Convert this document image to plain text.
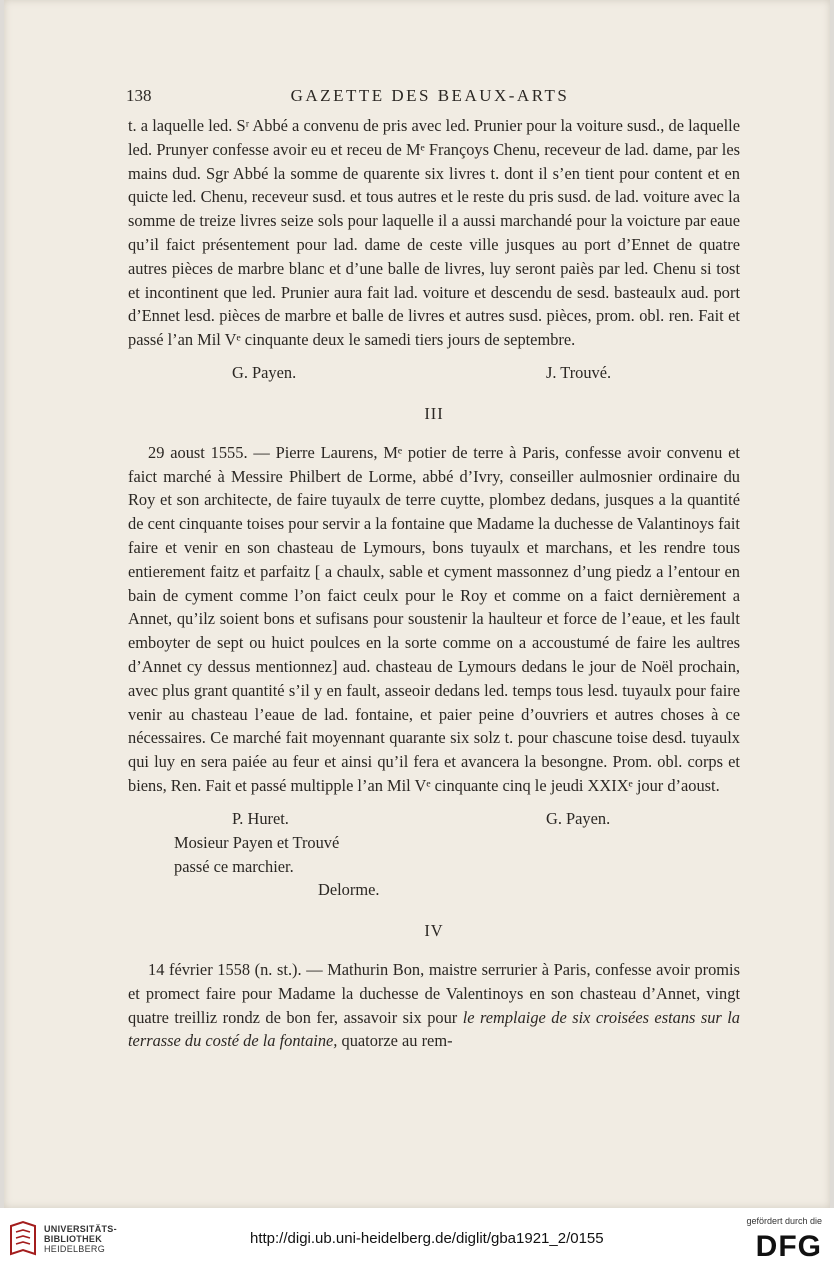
138	GAZETTE DES BEAUX-ARTS

t. a laquelle led. Sʳ Abbé a convenu de pris avec led. Prunier pour la voiture susd., de laquelle led. Prunyer confesse avoir eu et receu de Mᵉ Françoys Chenu, receveur de lad. dame, par les mains dud. Sgr Abbé la somme de quarente six livres t. dont il s’en tient pour content et en quicte led. Chenu, receveur susd. et tous autres et le reste du pris susd. de lad. voiture avec la somme de treize livres seize sols pour laquelle il a aussi marchandé pour la voicture par eaue qu’il faict présentement pour lad. dame de ceste ville jusques au port d’Ennet de quatre autres pièces de marbre blanc et d’une balle de livres, luy seront paiès par led. Chenu si tost et incontinent que led. Prunier aura fait lad. voiture et descendu de sesd. basteaulx aud. port d’Ennet lesd. pièces de marbre et balle de livres et autres susd. pièces, prom. obl. ren. Fait et passé l’an Mil Vᵉ cinquante deux le samedi tiers jours de septembre.

G. Payen.	J. Trouvé.
III

29 aoust 1555. — Pierre Laurens, Mᵉ potier de terre à Paris, confesse avoir convenu et faict marché à Messire Philbert de Lorme, abbé d’Ivry, conseiller aulmosnier ordinaire du Roy et son architecte, de faire tuyaulx de terre cuytte, plombez dedans, jusques a la quantité de cent cinquante toises pour servir a la fontaine que Madame la duchesse de Valantinoys fait faire et venir en son chasteau de Lymours, bons tuyaulx et marchans, et les rendre tous entierement faitz et parfaitz [ a chaulx, sable et cyment massonnez d’ung piedz a l’entour en bain de cyment comme l’on faict ceulx pour le Roy et comme on a faict dernièrement a Annet, qu’ilz soient bons et sufisans pour soustenir la haulteur et force de l’eaue, et les fault emboyter de sept ou huict poulces en la sorte comme on a accoustumé de faire les aultres d’Annet cy dessus mentionnez] aud. chasteau de Lymours dedans le jour de Noël prochain, avec plus grant quantité s’il y en fault, asseoir dedans led. temps tous lesd. tuyaulx pour faire venir au chasteau l’eaue de lad. fontaine, et paier peine d’ouvriers et autres choses à ce nécessaires. Ce marché fait moyennant quarante six solz t. pour chascune toise desd. tuyaulx qui luy en sera paiée au feur et ainsi qu’il fera et avancera la besongne. Prom. obl. corps et biens, Ren. Fait et passé multipple l’an Mil Vᵉ cinquante cinq le jeudi XXIXᵉ jour d’aoust.

P. Huret.	G. Payen.
Mosieur Payen et Trouvé
passé ce marchier.
Delorme.
IV

14 février 1558 (n. st.). — Mathurin Bon, maistre serrurier à Paris, confesse avoir promis et promect faire pour Madame la duchesse de Valentinoys en son chasteau d’Annet, vingt quatre treilliz rondz de bon fer, assavoir six pour le remplaige de six croisées estans sur la terrasse du costé de la fontaine, quatorze au rem-

UNIVERSITÄTS-
BIBLIOTHEK
HEIDELBERG
http://digi.ub.uni-heidelberg.de/diglit/gba1921_2/0155
gefördert durch die
DFG
